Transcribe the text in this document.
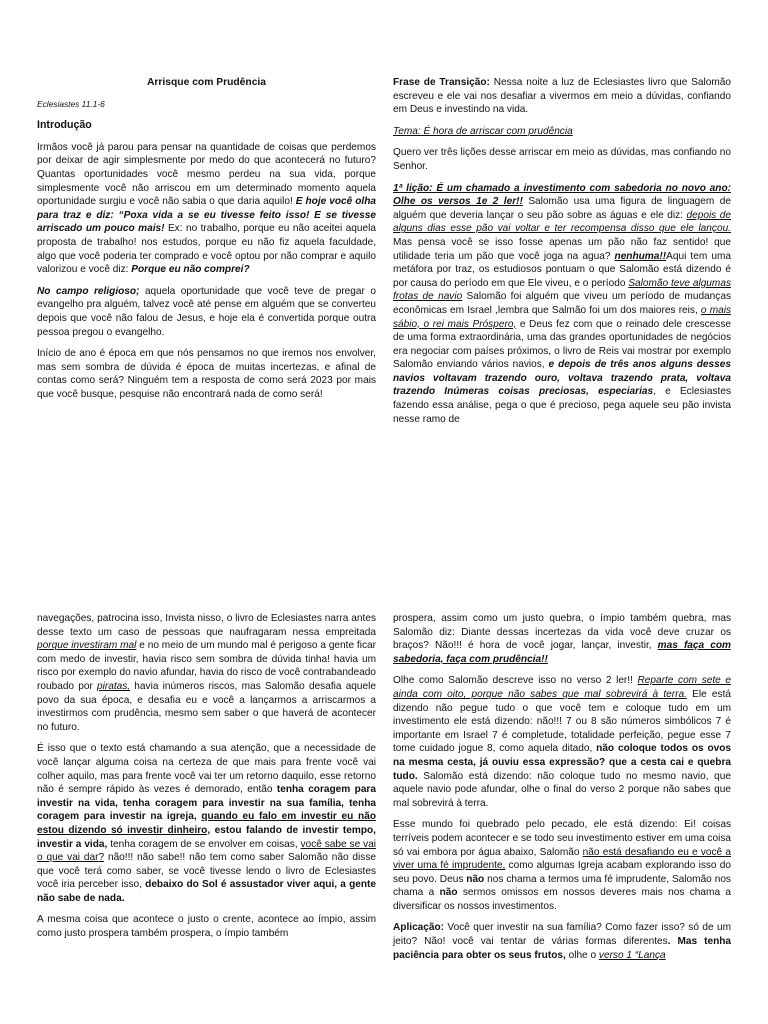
Arrisque com Prudência

Eclesiastes 11.1-6

Introdução

Irmãos você já parou para pensar na quantidade de coisas que perdemos por deixar de agir simplesmente por medo do que acontecerá no futuro? Quantas oportunidades você mesmo perdeu na sua vida, porque simplesmente você não arriscou em um determinado momento aquela oportunidade surgiu e você não sabia o que daria aquilo! E hoje você olha para traz e diz: “Poxa vida a se eu tivesse feito isso! E se tivesse arriscado um pouco mais! Ex: no trabalho, porque eu não aceitei aquela proposta de trabalho! nos estudos, porque eu não fiz aquela faculdade, algo que você poderia ter comprado e você optou por não comprar e aquilo valorizou e você diz: Porque eu não comprei?

No campo religioso; aquela oportunidade que você teve de pregar o evangelho pra alguém, talvez você até pense em alguém que se converteu depois que você não falou de Jesus, e hoje ela é convertida porque outra pessoa pregou o evangelho.

Início de ano é época em que nós pensamos no que iremos nos envolver, mas sem sombra de dúvida é época de muitas incertezas, e afinal de contas como será? Ninguém tem a resposta de como será 2023 por mais que você busque, pesquise não encontrará nada de como será!

Frase de Transição: Nessa noite a luz de Eclesiastes livro que Salomão escreveu e ele vai nos desafiar a vivermos em meio a dúvidas, confiando em Deus e investindo na vida.

Tema: É hora de arriscar com prudência

Quero ver três lições desse arriscar em meio as dúvidas, mas confiando no Senhor.

1ª lição: É um chamado a investimento com sabedoria no novo ano: Olhe os versos 1e 2 ler!! Salomão usa uma figura de linguagem de alguém que deveria lançar o seu pão sobre as águas e ele diz: depois de alguns dias esse pão vai voltar e ter recompensa disso que ele lançou. Mas pensa você se isso fosse apenas um pão não faz sentido! que utilidade teria um pão que você joga na agua? nenhuma!!Aqui tem uma metáfora por traz, os estudiosos pontuam o que Salomão está dizendo é por causa do período em que Ele viveu, e o período Salomão teve algumas frotas de navio Salomão foi alguém que viveu um período de mudanças econômicas em Israel ,lembra que Salmão foi um dos maiores reis, o mais sábio, o rei mais Próspero, e Deus fez com que o reinado dele crescesse de uma forma extraordinária, uma das grandes oportunidades de negócios era negociar com países próximos, o livro de Reis vai mostrar por exemplo Salomão enviando vários navios, e depois de três anos alguns desses navios voltavam trazendo ouro, voltava trazendo prata, voltava trazendo Inúmeras coisas preciosas, especiarias, e Eclesiastes fazendo essa análise, pega o que é precioso, pega aquele seu pão invista nesse ramo de

navegações, patrocina isso, Invista nisso, o livro de Eclesiastes narra antes desse texto um caso de pessoas que naufragaram nessa empreitada porque investiram mal e no meio de um mundo mal é perigoso a gente ficar com medo de investir, havia risco sem sombra de dúvida tinha! havia um risco por exemplo do navio afundar, havia do risco de você contrabandeado roubado por piratas, havia inúmeros riscos, mas Salomão desafia aquele povo da sua época, e desafia eu e você a lançarmos a arriscarmos a investirmos com prudência, mesmo sem saber o que haverá de acontecer no futuro.

É isso que o texto está chamando a sua atenção, que a necessidade de você lançar alguma coisa na certeza de que mais para frente você vai colher aquilo, mas para frente você vai ter um retorno daquilo, esse retorno não é sempre rápido às vezes é demorado, então tenha coragem para investir na vida, tenha coragem para investir na sua família, tenha coragem para investir na igreja, quando eu falo em investir eu não estou dizendo só investir dinheiro, estou falando de investir tempo, investir a vida, tenha coragem de se envolver em coisas, você sabe se vai o que vai dar? não!!! não sabe!! não tem como saber Salomão não disse que você terá como saber, se você tivesse lendo o livro de Eclesiastes você iria perceber isso, debaixo do Sol é assustador viver aqui, a gente não sabe de nada.

A mesma coisa que acontece o justo o crente, acontece ao ímpio, assim como justo prospera também prospera, o ímpio também

prospera, assim como um justo quebra, o ímpio também quebra, mas Salomão diz: Diante dessas incertezas da vida você deve cruzar os braços? Não!!! é hora de você jogar, lançar, investir, mas faça com sabedoria, faça com prudência!!

Olhe como Salomão descreve isso no verso 2 ler!! Reparte com sete e ainda com oito, porque não sabes que mal sobrevirá à terra. Ele está dizendo não pegue tudo o que você tem e coloque tudo em um investimento ele está dizendo: não!!! 7 ou 8 são números simbólicos 7 é importante em Israel 7 é completude, totalidade perfeição, pegue esse 7 tome cuidado jogue 8, como aquela ditado, não coloque todos os ovos na mesma cesta, já ouviu essa expressão? que a cesta cai e quebra tudo. Salomão está dizendo: não coloque tudo no mesmo navio, que aquele navio pode afundar, olhe o final do verso 2 porque não sabes que mal sobrevirá à terra.

Esse mundo foi quebrado pelo pecado, ele está dizendo: Ei! coisas terríveis podem acontecer e se todo seu investimento estiver em uma coisa só vai embora por água abaixo, Salomão não está desafiando eu e você a viver uma fé imprudente, como algumas Igreja acabam explorando isso do seu povo. Deus não nos chama a termos uma fé imprudente, Salomão nos chama a não sermos omissos em nossos deveres mais nos chama a diversificar os nossos investimentos.

Aplicação: Você quer investir na sua família? Como fazer isso? só de um jeito? Não! você vai tentar de várias formas diferentes. Mas tenha paciência para obter os seus frutos, olhe o verso 1 “Lança
